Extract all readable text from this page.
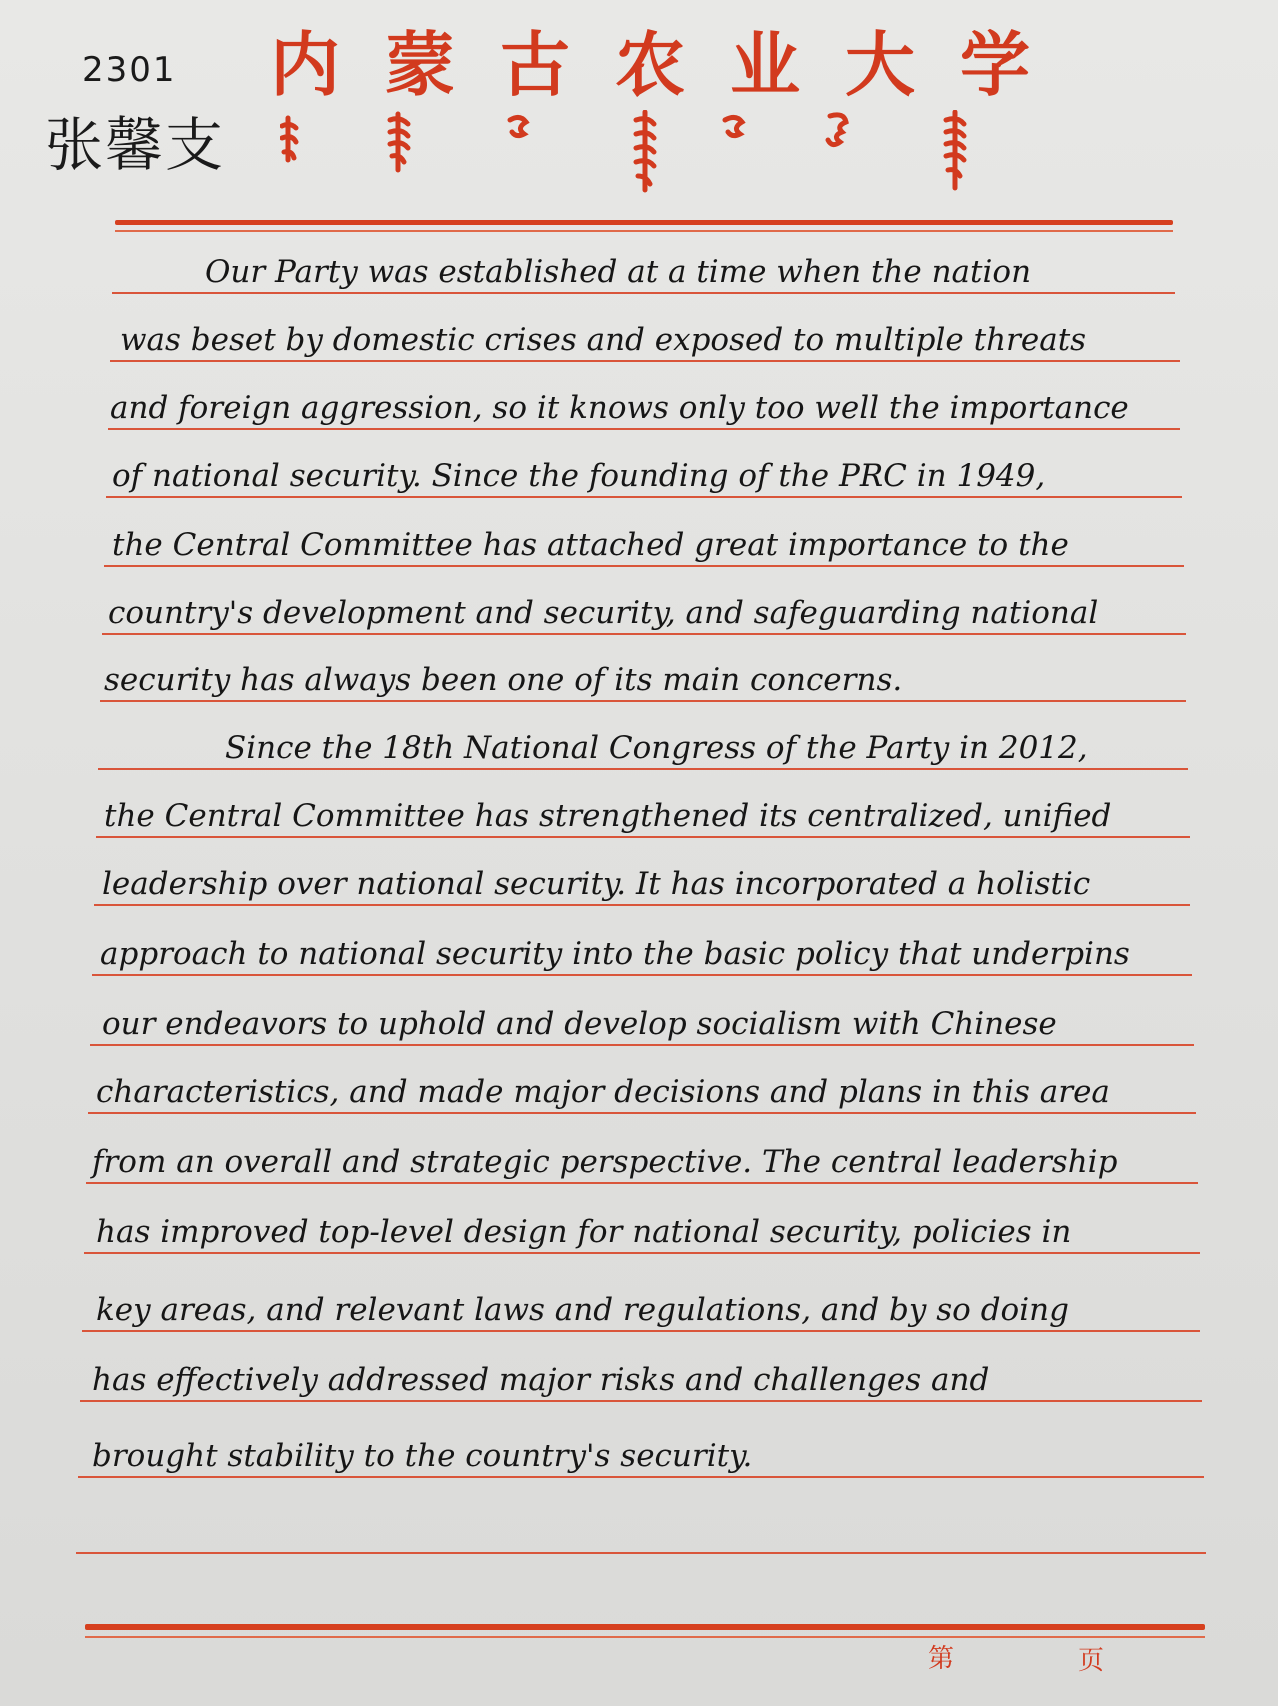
2301
张馨支
内 蒙 古 农 业 大 学
Our Party was established at a time when the nation
was beset by domestic crises and exposed to multiple threats
and foreign aggression, so it knows only too well the importance
of national security. Since the founding of the PRC in 1949,
the Central Committee has attached great importance to the
country's development and security, and safeguarding national
security has always been one of its main concerns.
Since the 18th National Congress of the Party in 2012,
the Central Committee has strengthened its centralized, unified
leadership over national security. It has incorporated a holistic
approach to national security into the basic policy that underpins
our endeavors to uphold and develop socialism with Chinese
characteristics, and made major decisions and plans in this area
from an overall and strategic perspective. The central leadership
has improved top-level design for national security, policies in
key areas, and relevant laws and regulations, and by so doing
has effectively addressed major risks and challenges and
brought stability to the country's security.
第	页
